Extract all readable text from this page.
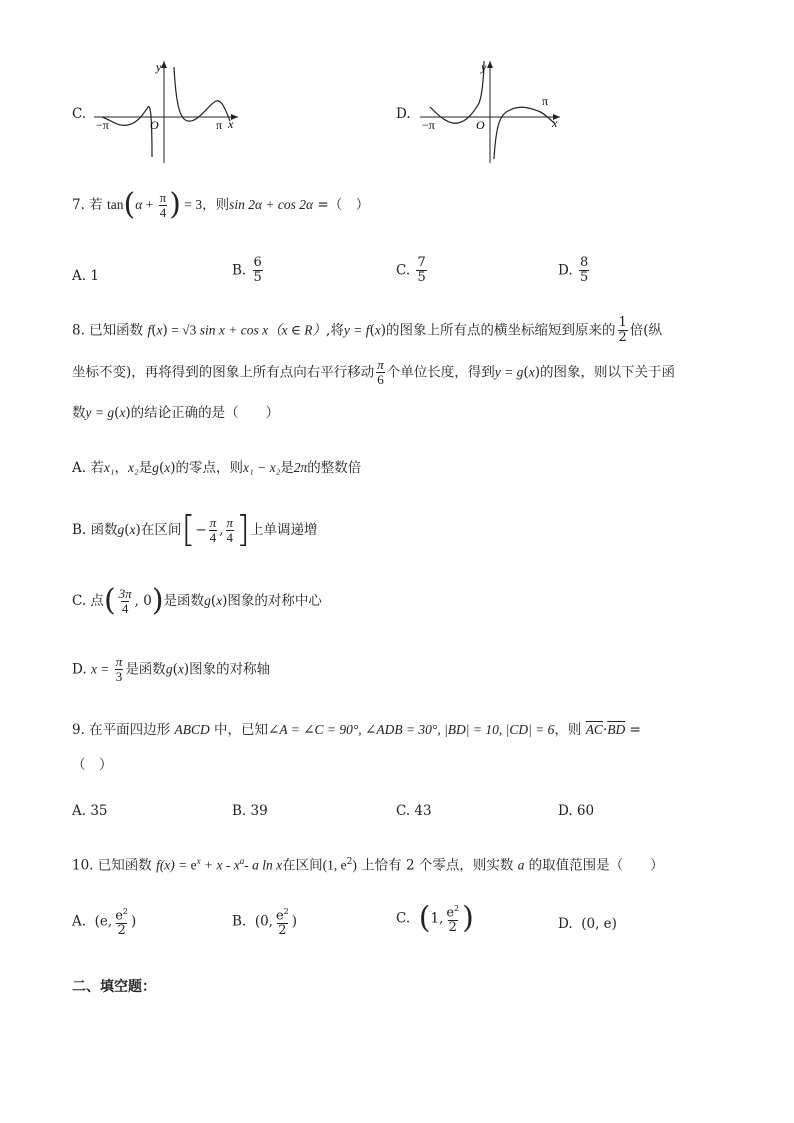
C.
y
x
O
−π	π
D.
y
x
O
−π
π
7. 若 $\tan(\alpha + \frac{\pi}{4}$ ) = 3，则sin 2α + cos 2α =（　）
A. 1	B. $\frac{6}{5}$	C. $\frac{7}{5}$	D. $\frac{8}{5}$
8. 已知函数 f(x) = √3 sin x + cos x（x ∈ R）,将y = f(x)的图象上所有点的横坐标缩短到原来的 $\frac{1}{2}$ 倍(纵
坐标不变)，再将得到的图象上所有点向右平行移动 $\frac{\pi}{6}$ 个单位长度，得到y = g(x)的图象，则以下关于函
数y = g(x)的结论正确的是（　　）
A. 若x₁，x₂是g(x)的零点，则x₁ − x₂是2π的整数倍
B. 函数g(x)在区间[− $\frac{\pi}{4}$ , $\frac{\pi}{4}$ ]上单调递增
C. 点( $\frac{3\pi}{4}$ , 0)是函数g(x)图象的对称中心
D. $x = \frac{\pi}{3}$ 是函数g(x)图象的对称轴
9. 在平面四边形 ABCD 中，已知∠A = ∠C = 90°, ∠ADB = 30°, |BD| = 10, |CD| = 6，则 $\overline{AC}\cdot\overline{BD}$ =
（　）
A. 35	B. 39	C. 43	D. 60
10. 已知函数 $f(x) = e^x + x - x^a-$ a ln x在区间(1, $e^2$) 上恰有 2 个零点，则实数 a 的取值范围是（　　）
A. (e, $\frac{e^2}{2}$ )	B. (0, $\frac{e^2}{2}$ )	C. (1, $\frac{e^2}{2}$ )	D. (0, e)
二、填空题：
